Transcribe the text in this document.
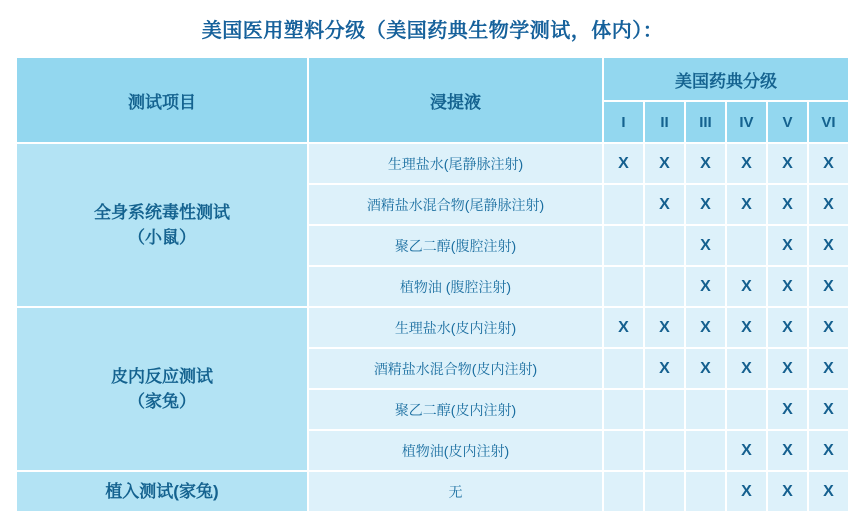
美国医用塑料分级（美国药典生物学测试，体内）：
测试项目	浸提液	美国药典分级					
		I	II	III	IV	V	VI

全身系统毒性测试
（小鼠）	生理盐水(尾静脉注射)	X	X	X	X	X	X
	酒精盐水混合物(尾静脉注射)		X	X	X	X	X
	聚乙二醇(腹腔注射)			X		X	X
	植物油 (腹腔注射)			X	X	X	X

皮内反应测试
（家兔）	生理盐水(皮内注射)	X	X	X	X	X	X
	酒精盐水混合物(皮内注射)		X	X	X	X	X
	聚乙二醇(皮内注射)					X	X
	植物油(皮内注射)				X	X	X

植入测试(家兔)	无				X	X	X
